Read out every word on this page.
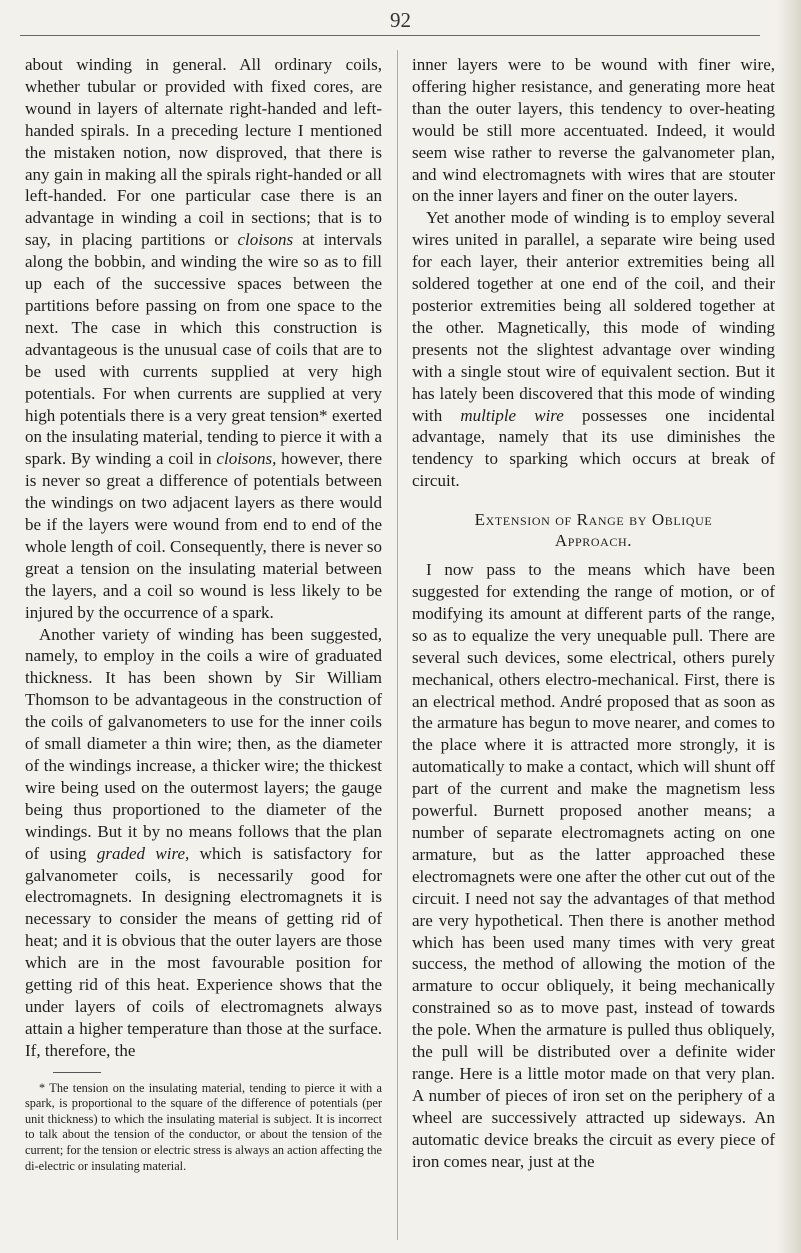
92

about winding in general. All ordinary coils, whether tubular or provided with fixed cores, are wound in layers of alternate right-handed and left-handed spirals. In a preceding lecture I mentioned the mistaken notion, now disproved, that there is any gain in making all the spirals right-handed or all left-handed. For one particular case there is an advantage in winding a coil in sections; that is to say, in placing partitions or cloisons at intervals along the bobbin, and winding the wire so as to fill up each of the successive spaces between the partitions before passing on from one space to the next. The case in which this construction is advantageous is the unusual case of coils that are to be used with currents supplied at very high potentials. For when currents are supplied at very high potentials there is a very great tension* exerted on the insulating material, tending to pierce it with a spark. By winding a coil in cloisons, however, there is never so great a difference of potentials between the windings on two adjacent layers as there would be if the layers were wound from end to end of the whole length of coil. Consequently, there is never so great a tension on the insulating material between the layers, and a coil so wound is less likely to be injured by the occurrence of a spark.

Another variety of winding has been suggested, namely, to employ in the coils a wire of graduated thickness. It has been shown by Sir William Thomson to be advantageous in the construction of the coils of galvanometers to use for the inner coils of small diameter a thin wire; then, as the diameter of the windings increase, a thicker wire; the thickest wire being used on the outermost layers; the gauge being thus proportioned to the diameter of the windings. But it by no means follows that the plan of using graded wire, which is satisfactory for galvanometer coils, is necessarily good for electromagnets. In designing electromagnets it is necessary to consider the means of getting rid of heat; and it is obvious that the outer layers are those which are in the most favourable position for getting rid of this heat. Experience shows that the under layers of coils of electromagnets always attain a higher temperature than those at the surface. If, therefore, the

* The tension on the insulating material, tending to pierce it with a spark, is proportional to the square of the difference of potentials (per unit thickness) to which the insulating material is subject. It is incorrect to talk about the tension of the conductor, or about the tension of the current; for the tension or electric stress is always an action affecting the di-electric or insulating material.

inner layers were to be wound with finer wire, offering higher resistance, and generating more heat than the outer layers, this tendency to over-heating would be still more accentuated. Indeed, it would seem wise rather to reverse the galvanometer plan, and wind electromagnets with wires that are stouter on the inner layers and finer on the outer layers.

Yet another mode of winding is to employ several wires united in parallel, a separate wire being used for each layer, their anterior extremities being all soldered together at one end of the coil, and their posterior extremities being all soldered together at the other. Magnetically, this mode of winding presents not the slightest advantage over winding with a single stout wire of equivalent section. But it has lately been discovered that this mode of winding with multiple wire possesses one incidental advantage, namely that its use diminishes the tendency to sparking which occurs at break of circuit.

Extension of Range by Oblique
Approach.

I now pass to the means which have been suggested for extending the range of motion, or of modifying its amount at different parts of the range, so as to equalize the very unequable pull. There are several such devices, some electrical, others purely mechanical, others electro-mechanical. First, there is an electrical method. André proposed that as soon as the armature has begun to move nearer, and comes to the place where it is attracted more strongly, it is automatically to make a contact, which will shunt off part of the current and make the magnetism less powerful. Burnett proposed another means; a number of separate electromagnets acting on one armature, but as the latter approached these electromagnets were one after the other cut out of the circuit. I need not say the advantages of that method are very hypothetical. Then there is another method which has been used many times with very great success, the method of allowing the motion of the armature to occur obliquely, it being mechanically constrained so as to move past, instead of towards the pole. When the armature is pulled thus obliquely, the pull will be distributed over a definite wider range. Here is a little motor made on that very plan. A number of pieces of iron set on the periphery of a wheel are successively attracted up sideways. An automatic device breaks the circuit as every piece of iron comes near, just at the
